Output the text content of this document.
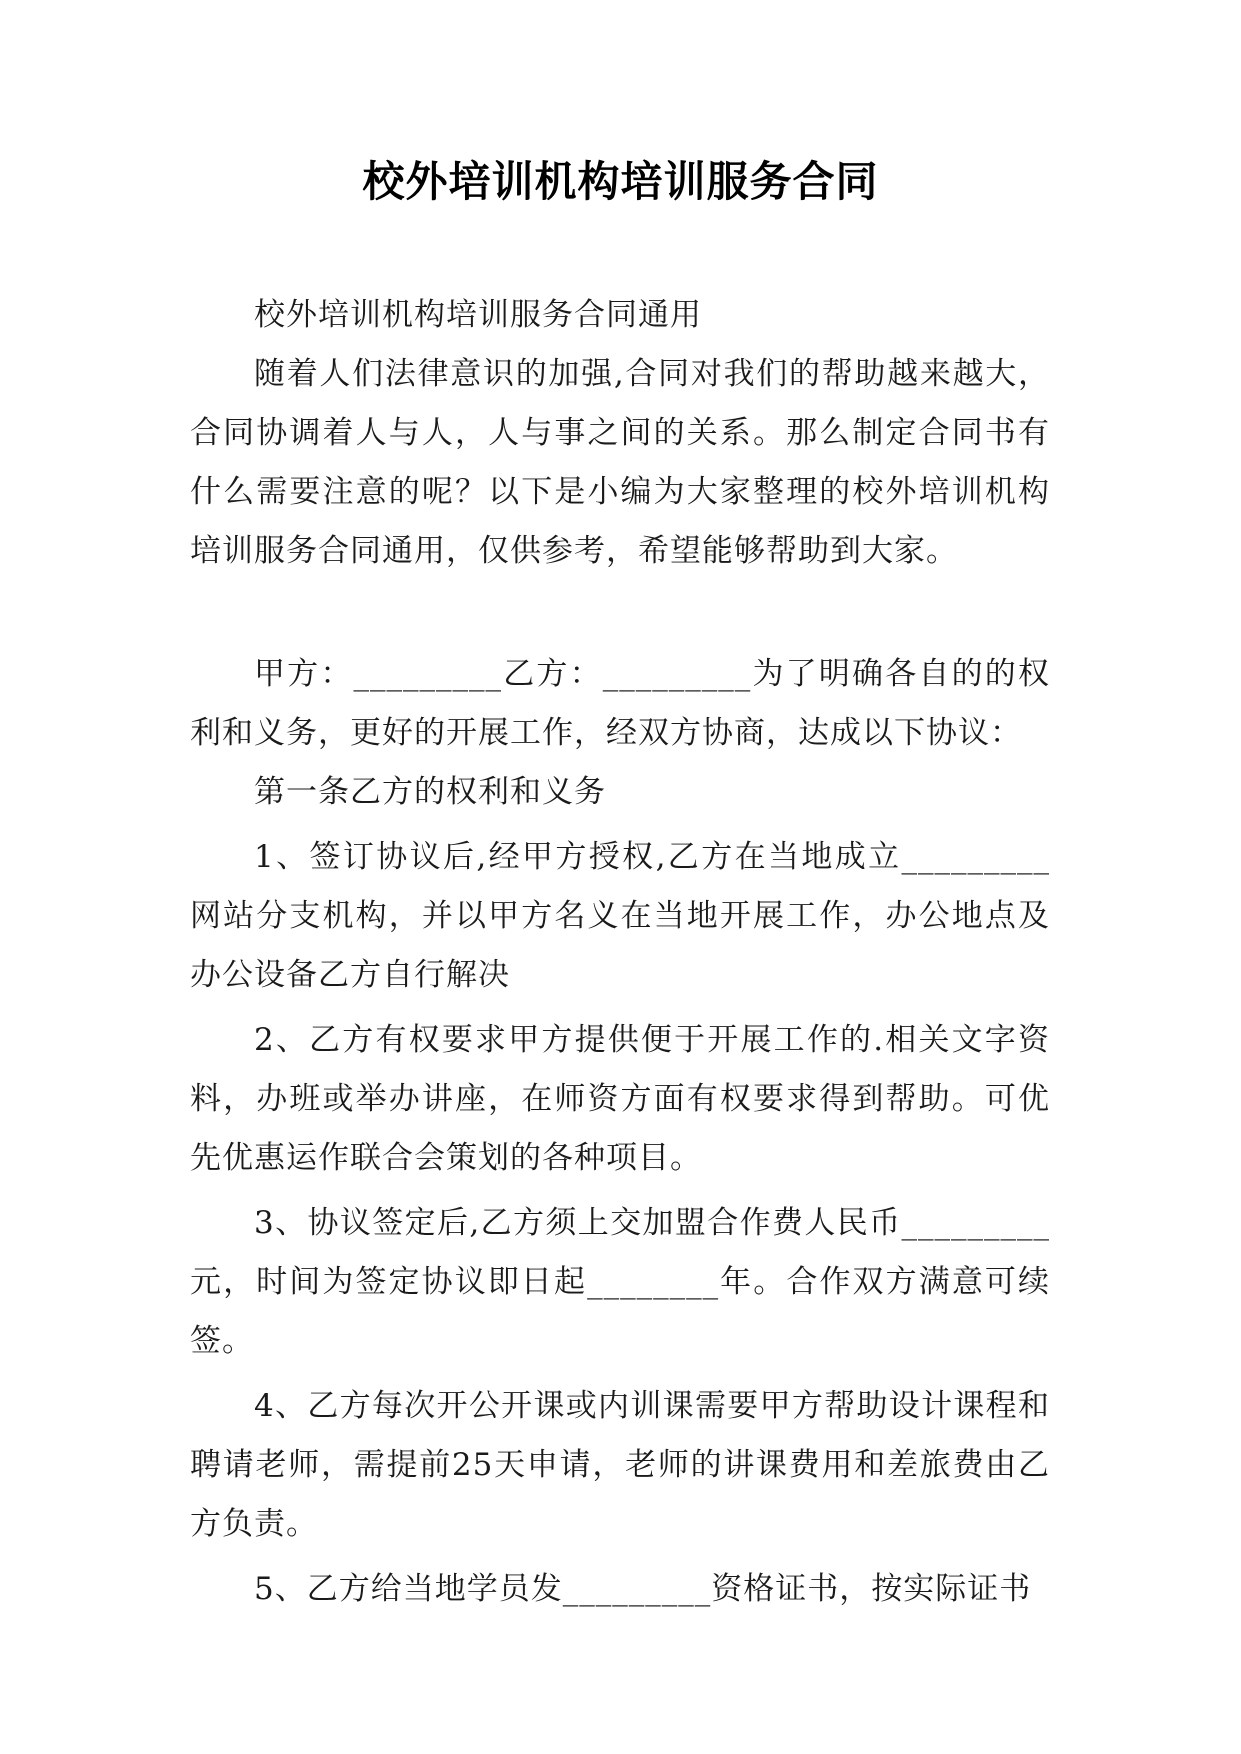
校外培训机构培训服务合同

校外培训机构培训服务合同通用

随着人们法律意识的加强,合同对我们的帮助越来越大，合同协调着人与人，人与事之间的关系。那么制定合同书有什么需要注意的呢？以下是小编为大家整理的校外培训机构培训服务合同通用，仅供参考，希望能够帮助到大家。

甲方：_________乙方：_________为了明确各自的的权利和义务，更好的开展工作，经双方协商，达成以下协议：

第一条乙方的权利和义务

1、签订协议后,经甲方授权,乙方在当地成立_________网站分支机构，并以甲方名义在当地开展工作，办公地点及办公设备乙方自行解决

2、乙方有权要求甲方提供便于开展工作的.相关文字资料，办班或举办讲座，在师资方面有权要求得到帮助。可优先优惠运作联合会策划的各种项目。

3、协议签定后,乙方须上交加盟合作费人民币_________元，时间为签定协议即日起________年。合作双方满意可续签。

4、乙方每次开公开课或内训课需要甲方帮助设计课程和聘请老师，需提前25天申请，老师的讲课费用和差旅费由乙方负责。

5、乙方给当地学员发_________资格证书，按实际证书
